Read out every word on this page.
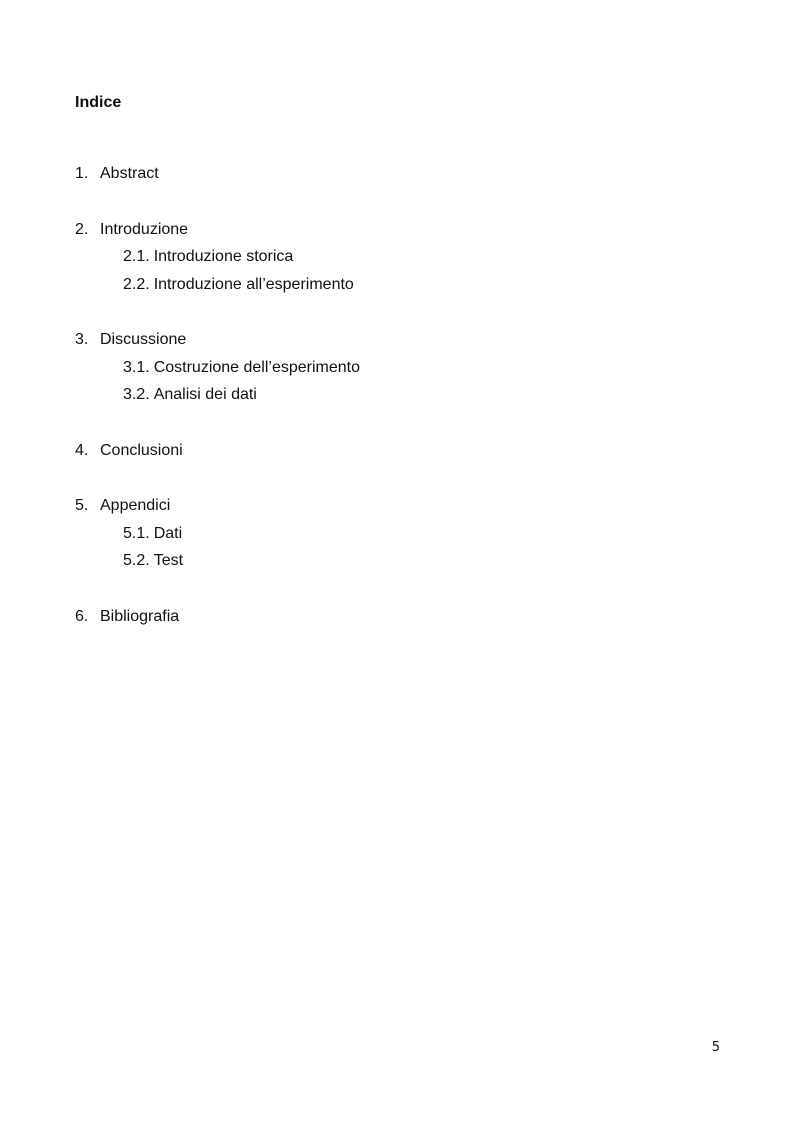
Indice
1. Abstract
2. Introduzione
2.1. Introduzione storica
2.2. Introduzione all’esperimento
3. Discussione
3.1. Costruzione dell’esperimento
3.2. Analisi dei dati
4. Conclusioni
5. Appendici
5.1. Dati
5.2. Test
6. Bibliografia
5
